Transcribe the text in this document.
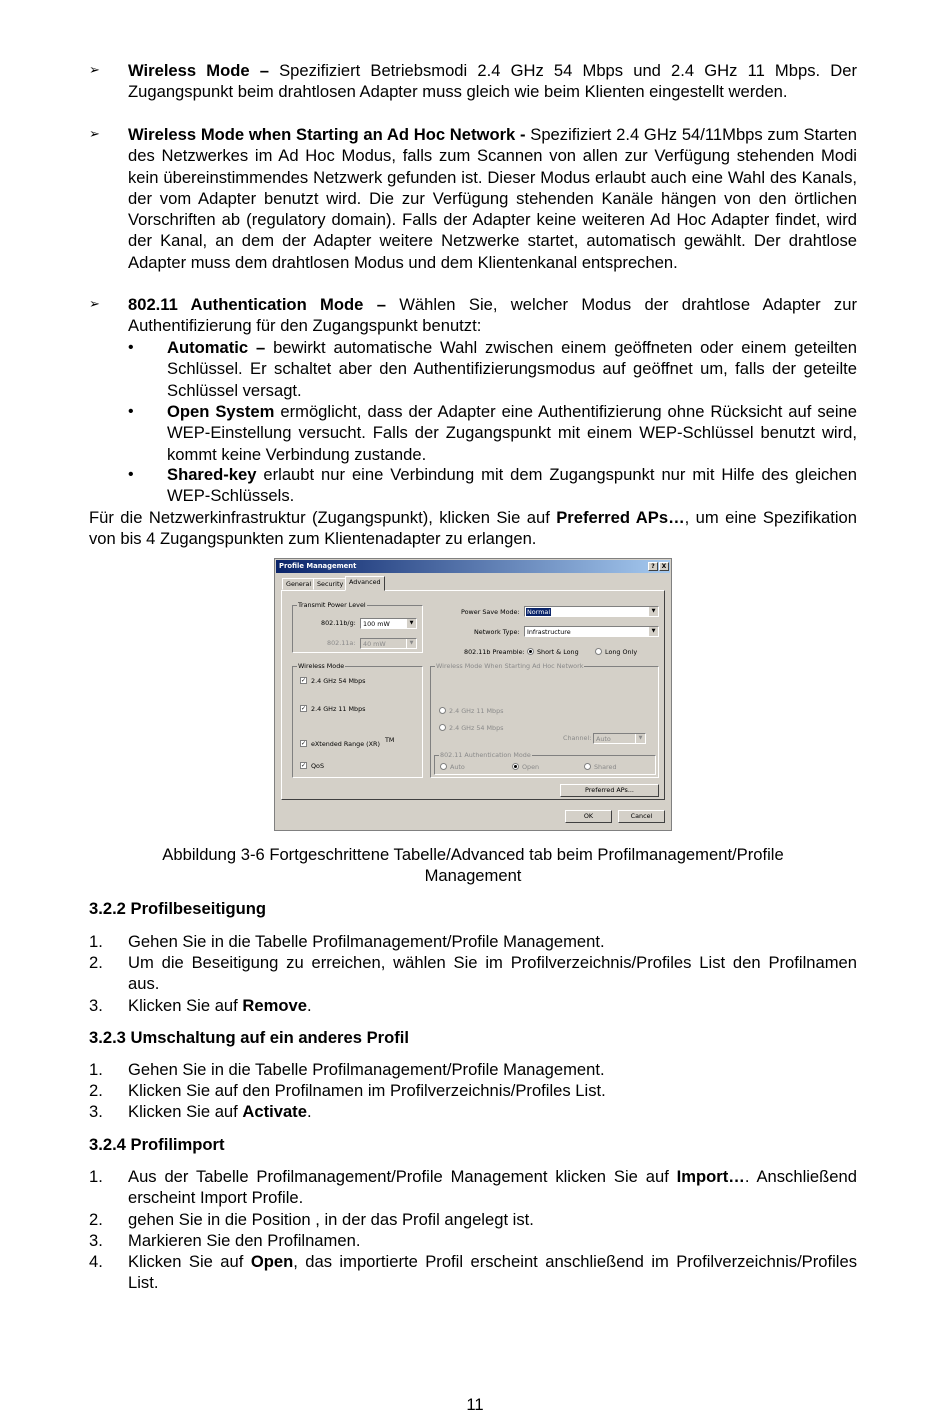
➢	Wireless Mode – Spezifiziert Betriebsmodi 2.4 GHz 54 Mbps und 2.4 GHz 11 Mbps. Der Zugangspunkt beim drahtlosen Adapter muss gleich wie beim Klienten eingestellt werden.
➢	Wireless Mode when Starting an Ad Hoc Network - Spezifiziert 2.4 GHz 54/11Mbps zum Starten des Netzwerkes im Ad Hoc Modus, falls zum Scannen von allen zur Verfügung stehenden Modi kein übereinstimmendes Netzwerk gefunden ist. Dieser Modus erlaubt auch eine Wahl des Kanals, der vom Adapter benutzt wird. Die zur Verfügung stehenden Kanäle hängen von den örtlichen Vorschriften ab (regulatory domain). Falls der Adapter keine weiteren Ad Hoc Adapter findet, wird der Kanal, an dem der Adapter weitere Netzwerke startet, automatisch gewählt. Der drahtlose Adapter muss dem drahtlosen Modus und dem Klientenkanal entsprechen.
➢	802.11 Authentication Mode – Wählen Sie, welcher Modus der drahtlose Adapter zur Authentifizierung für den Zugangspunkt benutzt:
•	Automatic – bewirkt automatische Wahl zwischen einem geöffneten oder einem geteilten Schlüssel. Er schaltet aber den Authentifizierungsmodus auf geöffnet um, falls der geteilte Schlüssel versagt.
•	Open System ermöglicht, dass der Adapter eine Authentifizierung ohne Rücksicht auf seine WEP-Einstellung versucht. Falls der Zugangspunkt mit einem WEP-Schlüssel benutzt wird, kommt keine Verbindung zustande.
•	Shared-key erlaubt nur eine Verbindung mit dem Zugangspunkt nur mit Hilfe des gleichen WEP-Schlüssels.
Für die Netzwerkinfrastruktur (Zugangspunkt), klicken Sie auf Preferred APs…, um eine Spezifikation von bis 4 Zugangspunkten zum Klientenadapter zu erlangen.
Profile Management	?	X
General Security Advanced
Transmit Power Level
802.11b/g: 100 mW	▼
802.11a: 40 mW	▼
Power Save Mode: Normal	▼
Network Type: Infrastructure	▼
802.11b Preamble: Short & Long	Long Only
Wireless Mode
✓ 2.4 GHz 54 Mbps
✓ 2.4 GHz 11 Mbps
✓ eXtended Range (XR) TM
✓ QoS
Wireless Mode When Starting Ad Hoc Network
2.4 GHz 11 Mbps
2.4 GHz 54 Mbps
Channel: Auto	▼
802.11 Authentication Mode
Auto	Open	Shared
Preferred APs...
OK	Cancel
Abbildung 3-6 Fortgeschrittene Tabelle/Advanced tab beim Profilmanagement/Profile
Management
3.2.2 Profilbeseitigung
1.	Gehen Sie in die Tabelle Profilmanagement/Profile Management.
2.	Um die Beseitigung zu erreichen, wählen Sie im Profilverzeichnis/Profiles List den Profilnamen aus.
3.	Klicken Sie auf Remove.
3.2.3 Umschaltung auf ein anderes Profil
1.	Gehen Sie in die Tabelle Profilmanagement/Profile Management.
2.	Klicken Sie auf den Profilnamen im Profilverzeichnis/Profiles List.
3.	Klicken Sie auf Activate.
3.2.4 Profilimport
1.	Aus der Tabelle Profilmanagement/Profile Management klicken Sie auf Import…. Anschließend erscheint Import Profile.
2.	gehen Sie in die Position , in der das Profil angelegt ist.
3.	Markieren Sie den Profilnamen.
4.	Klicken Sie auf Open, das importierte Profil erscheint anschließend im Profilverzeichnis/Profiles List.
11
